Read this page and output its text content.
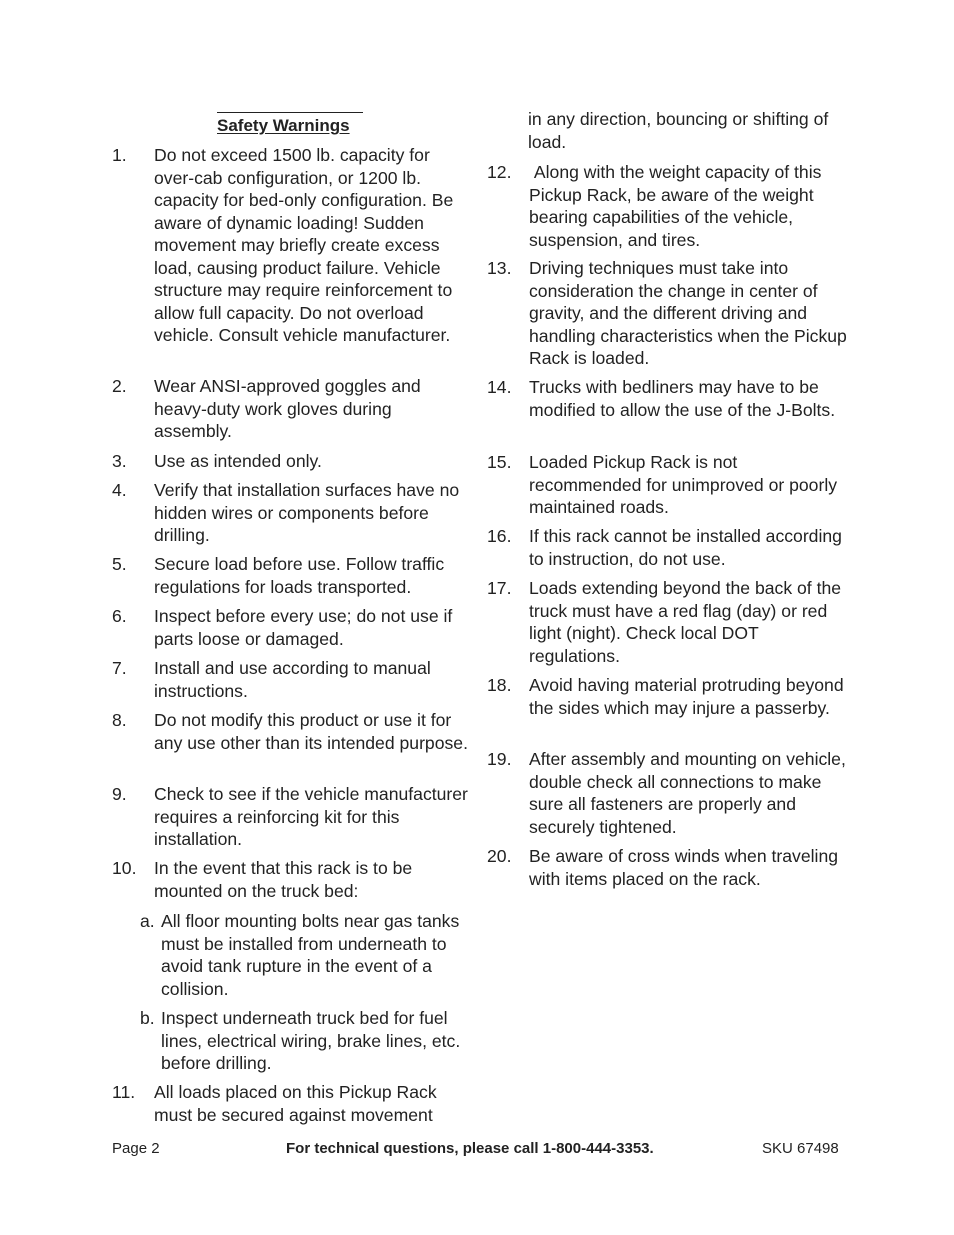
Safety Warnings
1. Do not exceed 1500 lb. capacity for over-cab configuration, or 1200 lb. capacity for bed-only configuration. Be aware of dynamic loading! Sudden movement may briefly create excess load, causing product failure. Vehicle structure may require reinforcement to allow full capacity. Do not overload vehicle. Consult vehicle manufacturer.
2. Wear ANSI-approved goggles and heavy-duty work gloves during assembly.
3. Use as intended only.
4. Verify that installation surfaces have no hidden wires or components before drilling.
5. Secure load before use. Follow traffic regulations for loads transported.
6. Inspect before every use; do not use if parts loose or damaged.
7. Install and use according to manual instructions.
8. Do not modify this product or use it for any use other than its intended purpose.
9. Check to see if the vehicle manufacturer requires a reinforcing kit for this installation.
10. In the event that this rack is to be mounted on the truck bed:
a. All floor mounting bolts near gas tanks must be installed from underneath to avoid tank rupture in the event of a collision.
b. Inspect underneath truck bed for fuel lines, electrical wiring, brake lines, etc. before drilling.
11. All loads placed on this Pickup Rack must be secured against movement
in any direction, bouncing or shifting of load.
12. Along with the weight capacity of this Pickup Rack, be aware of the weight bearing capabilities of the vehicle, suspension, and tires.
13. Driving techniques must take into consideration the change in center of gravity, and the different driving and handling characteristics when the Pickup Rack is loaded.
14. Trucks with bedliners may have to be modified to allow the use of the J-Bolts.
15. Loaded Pickup Rack is not recommended for unimproved or poorly maintained roads.
16. If this rack cannot be installed according to instruction, do not use.
17. Loads extending beyond the back of the truck must have a red flag (day) or red light (night). Check local DOT regulations.
18. Avoid having material protruding beyond the sides which may injure a passerby.
19. After assembly and mounting on vehicle, double check all connections to make sure all fasteners are properly and securely tightened.
20. Be aware of cross winds when traveling with items placed on the rack.
Page 2	For technical questions, please call 1-800-444-3353.	SKU 67498
